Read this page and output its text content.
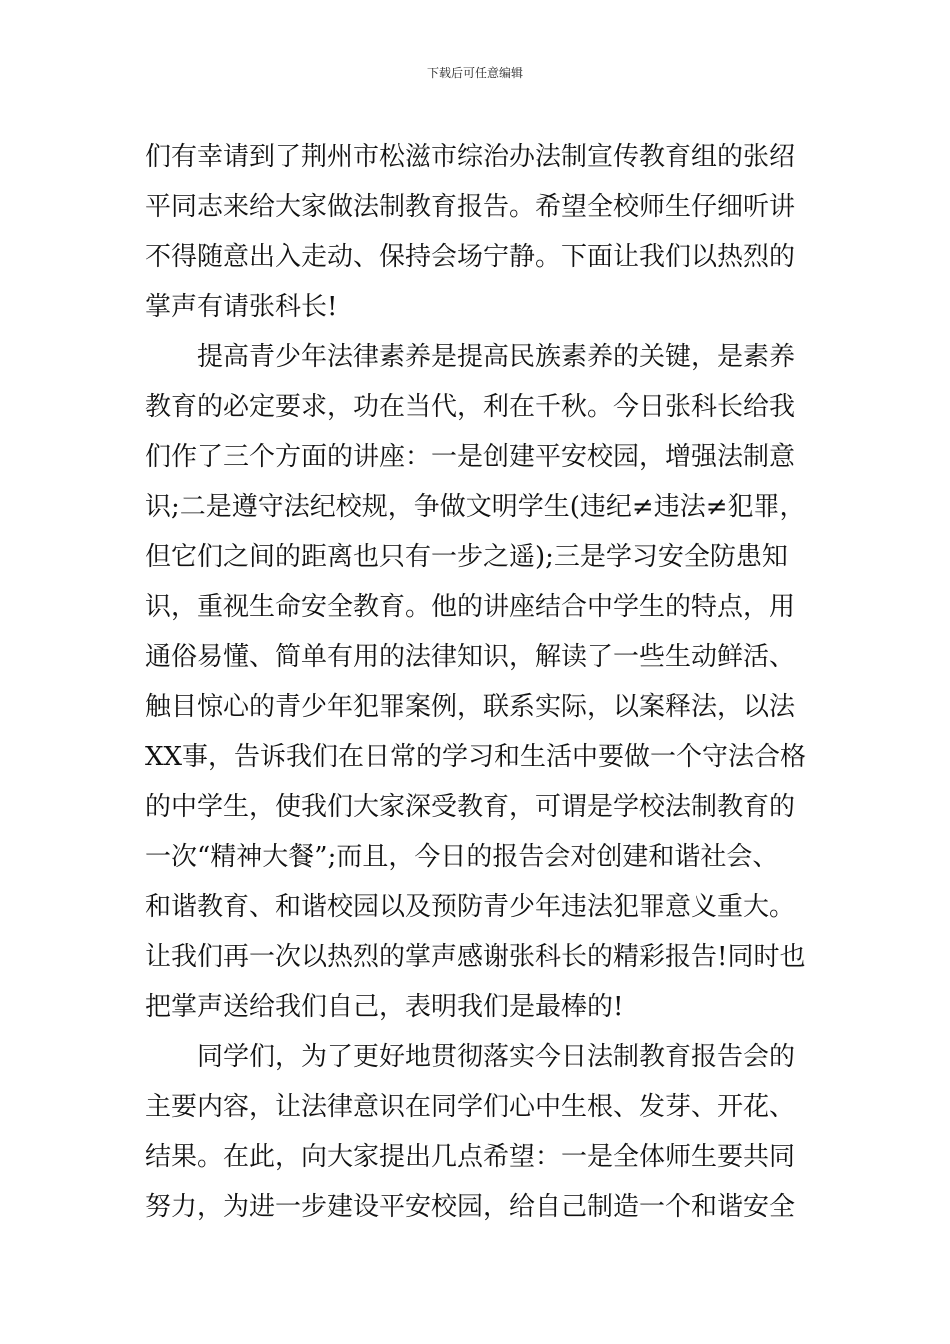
下载后可任意编辑
们有幸请到了荆州市松滋市综治办法制宣传教育组的张绍
平同志来给大家做法制教育报告。希望全校师生仔细听讲
不得随意出入走动、保持会场宁静。下面让我们以热烈的
掌声有请张科长!
　　提高青少年法律素养是提高民族素养的关键，是素养
教育的必定要求，功在当代，利在千秋。今日张科长给我
们作了三个方面的讲座：一是创建平安校园，增强法制意
识;二是遵守法纪校规，争做文明学生(违纪≠违法≠犯罪，
但它们之间的距离也只有一步之遥);三是学习安全防患知
识，重视生命安全教育。他的讲座结合中学生的特点，用
通俗易懂、简单有用的法律知识，解读了一些生动鲜活、
触目惊心的青少年犯罪案例，联系实际，以案释法，以法
XX事，告诉我们在日常的学习和生活中要做一个守法合格
的中学生，使我们大家深受教育，可谓是学校法制教育的
一次“精神大餐”;而且，今日的报告会对创建和谐社会、
和谐教育、和谐校园以及预防青少年违法犯罪意义重大。
让我们再一次以热烈的掌声感谢张科长的精彩报告!同时也
把掌声送给我们自己，表明我们是最棒的!
　　同学们，为了更好地贯彻落实今日法制教育报告会的
主要内容，让法律意识在同学们心中生根、发芽、开花、
结果。在此，向大家提出几点希望：一是全体师生要共同
努力，为进一步建设平安校园，给自己制造一个和谐安全
